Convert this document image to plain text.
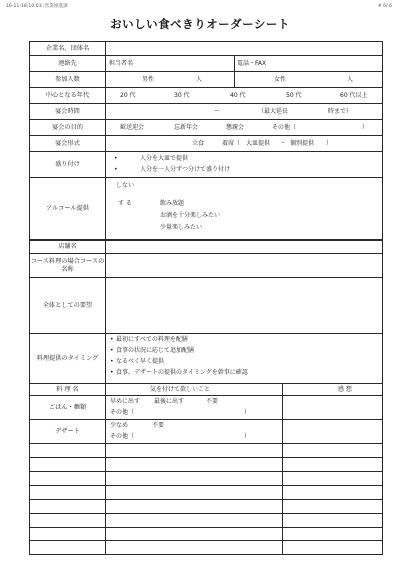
16-11-18;10:03 ;営業推進課	# 6/ 6
おいしい食べきりオーダーシート
企業名、団体名
連絡先	担当者名	電話・FAX
参加人数	男性	人	女性	人
中心となる年代	20 代	30 代	40 代	50 代	60 代以上
宴会時間	～	（最大延長	時まで）
宴会の目的	歓送迎会	忘新年会	懇親会	その他（	）
宴会形式	立食	着席（ 大皿提供 ・ 個別提供 ）
盛り付け
•	人分を大皿で提供
•	人分を一人分ずつ分けて盛り付け
アルコール提供
しない
す る	飲み放題
お酒を十分楽しみたい
少量楽しみたい
店舗名
コース料理の場合コースの名称
全体としての要望
料理提供のタイミング
• 最初にすべての料理を配膳
• 食事の状況に応じて追加配膳
• なるべく早く提供
• 食事、デザートの提供のタイミングを幹事に確認
料 理 名	気を付けて欲しいこと	感 想
ごはん・麺類
早めに出す 最後に出す	不要
その他（	）
デザート
少なめ	不要
その他（	）
